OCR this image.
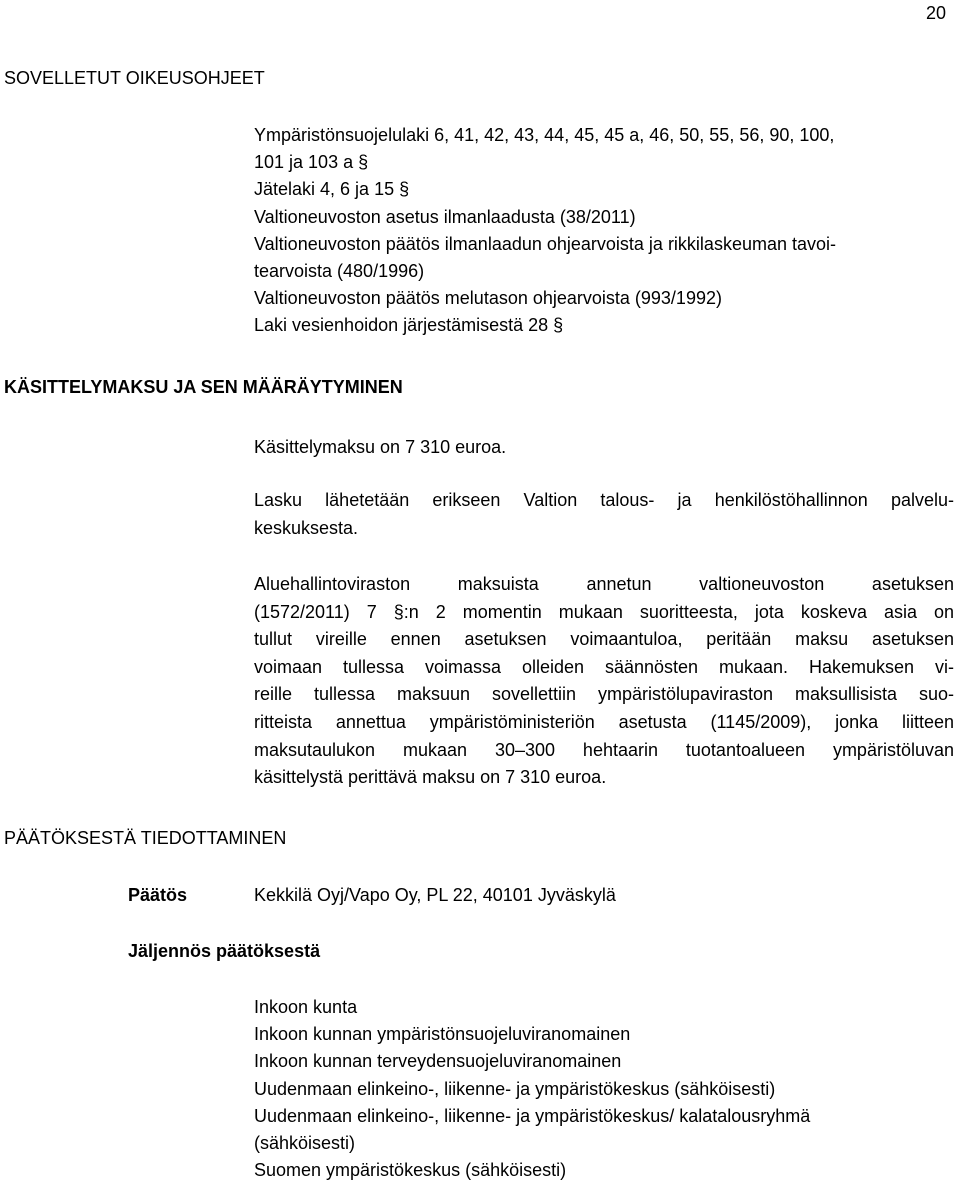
20
SOVELLETUT OIKEUSOHJEET
Ympäristönsuojelulaki 6, 41, 42, 43, 44, 45, 45 a, 46, 50, 55, 56, 90, 100,
101 ja 103 a §
Jätelaki 4, 6 ja 15 §
Valtioneuvoston asetus ilmanlaadusta (38/2011)
Valtioneuvoston päätös ilmanlaadun ohjearvoista ja rikkilaskeuman tavoi-
tearvoista (480/1996)
Valtioneuvoston päätös melutason ohjearvoista (993/1992)
Laki vesienhoidon järjestämisestä 28 §
KÄSITTELYMAKSU JA SEN MÄÄRÄYTYMINEN
Käsittelymaksu on 7 310 euroa.
Lasku lähetetään erikseen Valtion talous- ja henkilöstöhallinnon palvelu-
keskuksesta.
Aluehallintoviraston maksuista annetun valtioneuvoston asetuksen
(1572/2011) 7 §:n 2 momentin mukaan suoritteesta, jota koskeva asia on
tullut vireille ennen asetuksen voimaantuloa, peritään maksu asetuksen
voimaan tullessa voimassa olleiden säännösten mukaan. Hakemuksen vi-
reille tullessa maksuun sovellettiin ympäristölupaviraston maksullisista suo-
ritteista annettua ympäristöministeriön asetusta (1145/2009), jonka liitteen
maksutaulukon mukaan 30–300 hehtaarin tuotantoalueen ympäristöluvan
käsittelystä perittävä maksu on 7 310 euroa.
PÄÄTÖKSESTÄ TIEDOTTAMINEN
Päätös	Kekkilä Oyj/Vapo Oy, PL 22, 40101 Jyväskylä
Jäljennös päätöksestä
Inkoon kunta
Inkoon kunnan ympäristönsuojeluviranomainen
Inkoon kunnan terveydensuojeluviranomainen
Uudenmaan elinkeino-, liikenne- ja ympäristökeskus (sähköisesti)
Uudenmaan elinkeino-, liikenne- ja ympäristökeskus/ kalatalousryhmä
(sähköisesti)
Suomen ympäristökeskus (sähköisesti)
